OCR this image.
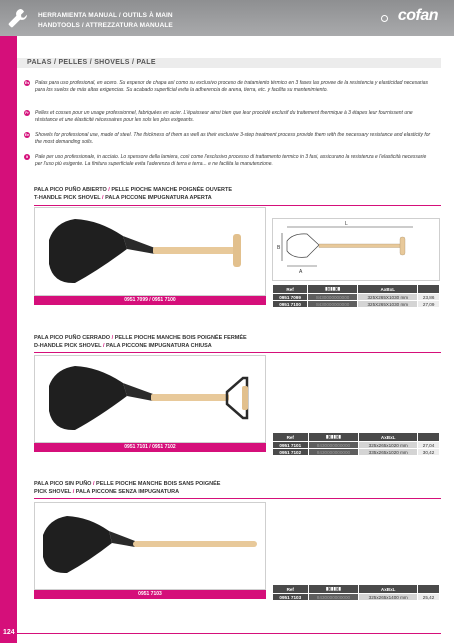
HERRAMIENTA MANUAL / OUTILS À MAIN
HANDTOOLS / ATTREZZATURA MANUALE
cofan
PALAS / PELLES / SHOVELS / PALE
Es	Palas para uso profesional, en acero. Su espesor de chapa así como su exclusivo proceso de tratamiento térmico en 3 fases las provee de la resistencia y elasticidad necesarias para los suelos de más altas exigencias. Su acabado superficial evita la adherencia de arena, tierra, etc. y facilita su mantenimiento.

Fr	Pelles et cosses pour un usage professionnel, fabriquées en acier. L'épaisseur ainsi bien que leur procédé exclusif du traitement thermique à 3 étapes leur fournissent une résistance et une élasticité nécessaires pour les sols les plus exigeants.

En	Shovels for professional use, made of steel. The thickness of them as well as their exclusive 3-step treatment process provide them with the necessary resistance and elasticity for the most demanding soils.

It	Pale per uso professionale, in acciaio. Lo spessore della lamiera, così come l'esclusivo processo di trattamento termico in 3 fasi, assicurano la resistenza e l'elasticità necessarie per l'uso più esigente. La finitura superficiale evita l'aderenza di terra e terra... e ne facilita la manutenzione.

PALA PICO PUÑO ABIERTO / PELLE PIOCHE MANCHE POIGNÉE OUVERTE
T-HANDLE PICK SHOVEL / PALA PICCONE IMPUGNATURA APERTA
0951 7099 / 0951 7100
L
B
A
Ref	▮▯▮▮▯▮	AxBxL	
0951 7099	8430000000000	325X265X1030 mm	23,86
0951 7100	8430000000000	325X265X1030 mm	27,09
PALA PICO PUÑO CERRADO / PELLE PIOCHE MANCHE BOIS POIGNÉE FERMÉE
D-HANDLE PICK SHOVEL / PALA PICCONE IMPUGNATURA CHIUSA
0951 7101 / 0951 7102
Ref	▮▯▮▮▯▮	AxBxL	
0951 7101	8430000000000	325x265x1020 mm	27,04
0951 7102	8430000000000	335x265x1020 mm	30,42
PALA PICO SIN PUÑO / PELLE PIOCHE MANCHE BOIS SANS POIGNÉE
PICK SHOVEL / PALA PICCONE SENZA IMPUGNATURA
0951 7103
Ref	▮▯▮▮▯▮	AxBxL	
0951 7103	8430000000000	325x265x1400 mm	25,42
124
